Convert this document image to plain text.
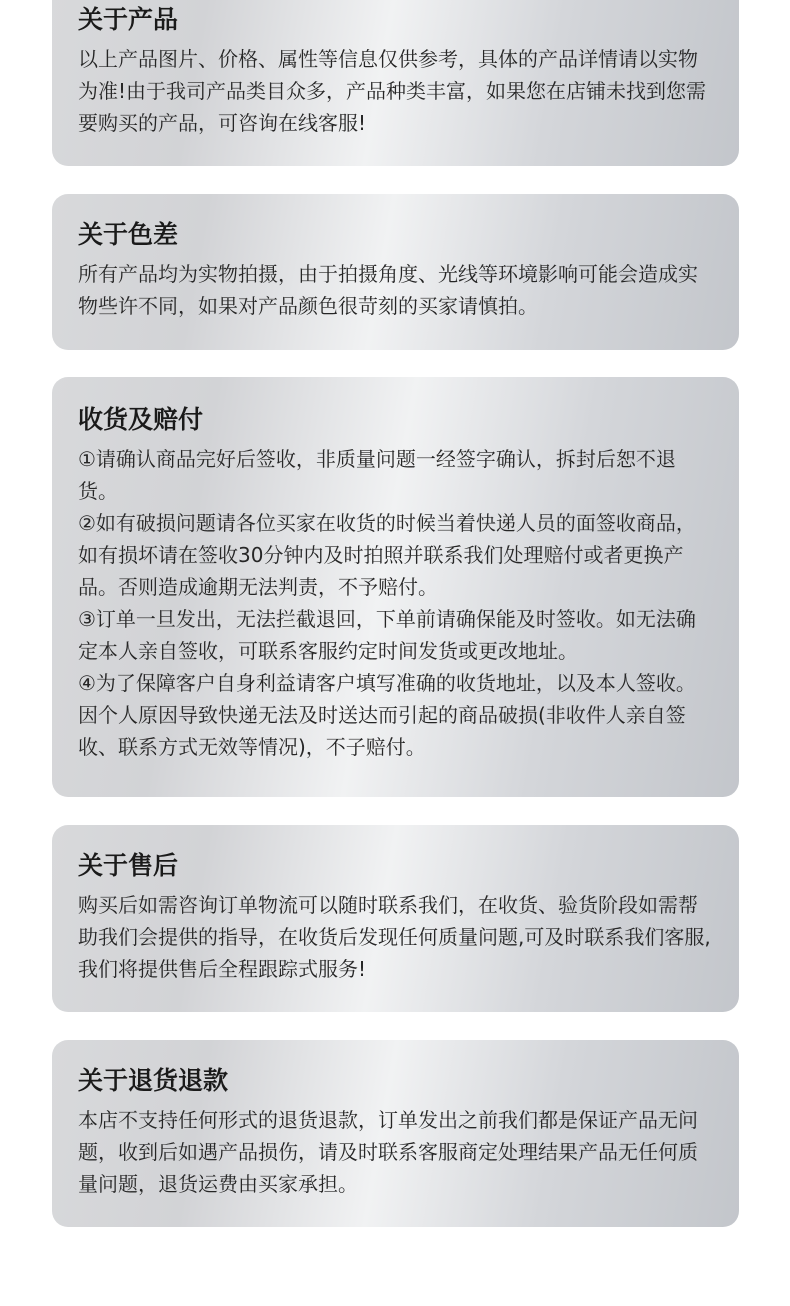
关于产品
以上产品图片、价格、属性等信息仅供参考，具体的产品详情请以实物为准!由于我司产品类目众多，产品种类丰富，如果您在店铺未找到您需要购买的产品，可咨询在线客服!
关于色差
所有产品均为实物拍摄，由于拍摄角度、光线等环境影响可能会造成实物些许不同，如果对产品颜色很苛刻的买家请慎拍。
收货及赔付
①请确认商品完好后签收，非质量问题一经签字确认，拆封后恕不退货。
②如有破损问题请各位买家在收货的时候当着快递人员的面签收商品，如有损坏请在签收30分钟内及时拍照并联系我们处理赔付或者更换产品。否则造成逾期无法判责，不予赔付。
③订单一旦发出，无法拦截退回，下单前请确保能及时签收。如无法确定本人亲自签收，可联系客服约定时间发货或更改地址。
④为了保障客户自身利益请客户填写准确的收货地址，以及本人签收。因个人原因导致快递无法及时送达而引起的商品破损(非收件人亲自签收、联系方式无效等情况)，不子赔付。
关于售后
购买后如需咨询订单物流可以随时联系我们，在收货、验货阶段如需帮助我们会提供的指导，在收货后发现任何质量问题,可及时联系我们客服,我们将提供售后全程跟踪式服务!
关于退货退款
本店不支持任何形式的退货退款，订单发出之前我们都是保证产品无问题，收到后如遇产品损伤，请及时联系客服商定处理结果产品无任何质量问题，退货运费由买家承担。
